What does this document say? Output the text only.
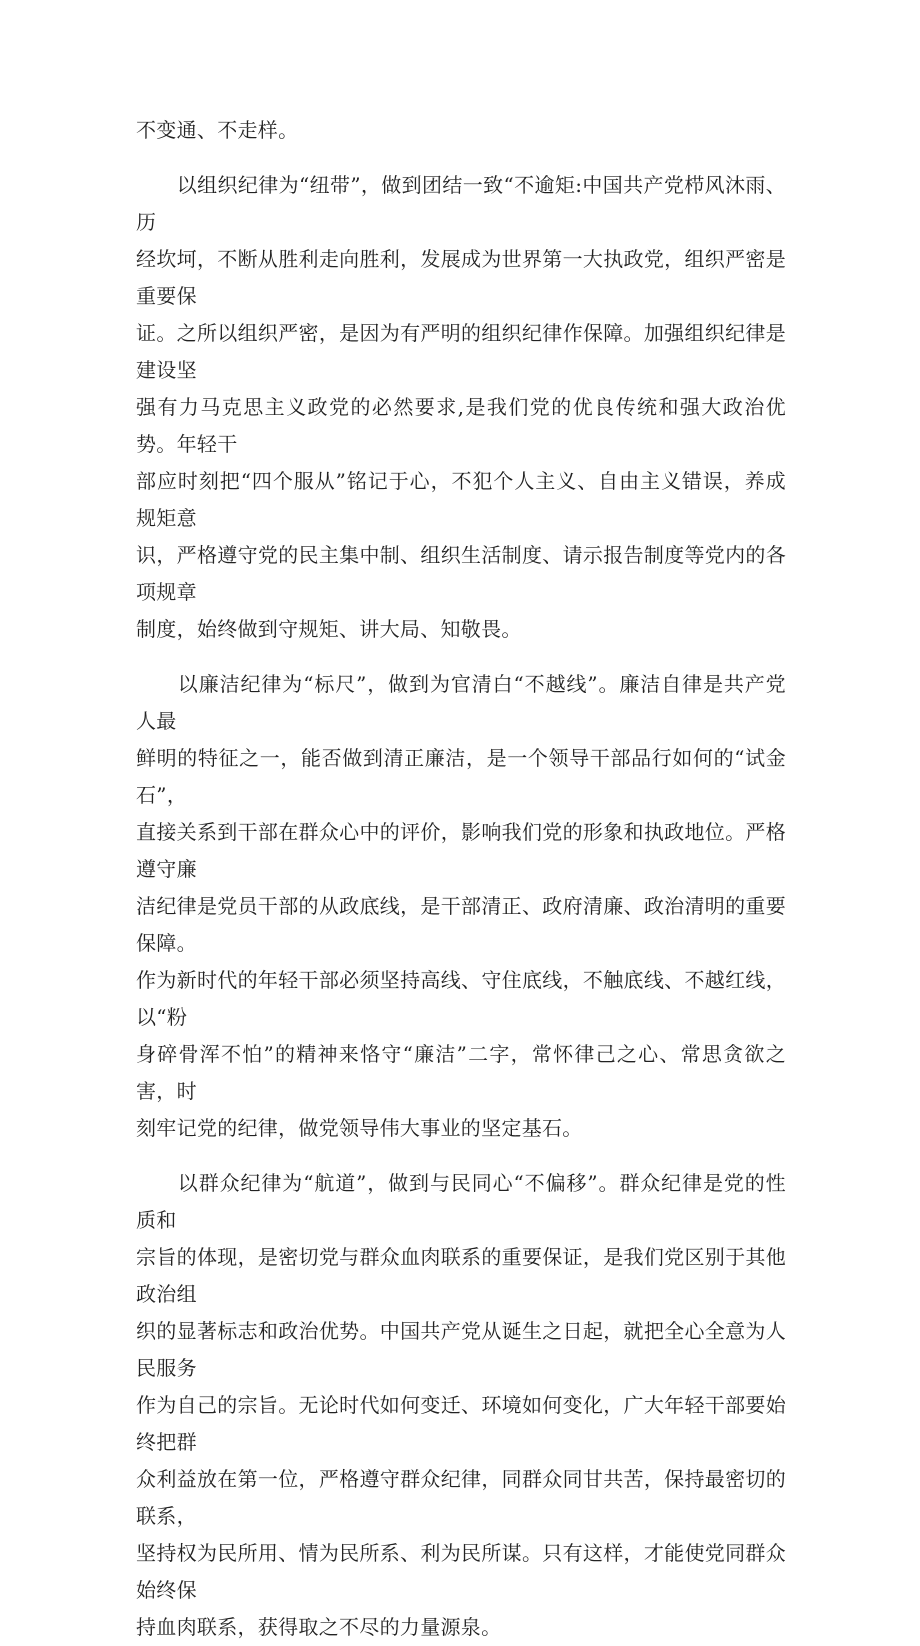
不变通、不走样。

　　以组织纪律为“纽带”，做到团结一致“不逾矩:中国共产党栉风沐雨、历
经坎坷，不断从胜利走向胜利，发展成为世界第一大执政党，组织严密是重要保
证。之所以组织严密，是因为有严明的组织纪律作保障。加强组织纪律是建设坚
强有力马克思主义政党的必然要求,是我们党的优良传统和强大政治优势。年轻干
部应时刻把“四个服从”铭记于心，不犯个人主义、自由主义错误，养成规矩意
识，严格遵守党的民主集中制、组织生活制度、请示报告制度等党内的各项规章
制度，始终做到守规矩、讲大局、知敬畏。

　　以廉洁纪律为“标尺”，做到为官清白“不越线”。廉洁自律是共产党人最
鲜明的特征之一，能否做到清正廉洁，是一个领导干部品行如何的“试金石”，
直接关系到干部在群众心中的评价，影响我们党的形象和执政地位。严格遵守廉
洁纪律是党员干部的从政底线，是干部清正、政府清廉、政治清明的重要保障。
作为新时代的年轻干部必须坚持高线、守住底线，不触底线、不越红线，以“粉
身碎骨浑不怕”的精神来恪守“廉洁”二字，常怀律己之心、常思贪欲之害，时
刻牢记党的纪律，做党领导伟大事业的坚定基石。

　　以群众纪律为“航道”，做到与民同心“不偏移”。群众纪律是党的性质和
宗旨的体现，是密切党与群众血肉联系的重要保证，是我们党区别于其他政治组
织的显著标志和政治优势。中国共产党从诞生之日起，就把全心全意为人民服务
作为自己的宗旨。无论时代如何变迁、环境如何变化，广大年轻干部要始终把群
众利益放在第一位，严格遵守群众纪律，同群众同甘共苦，保持最密切的联系，
坚持权为民所用、情为民所系、利为民所谋。只有这样，才能使党同群众始终保
持血肉联系，获得取之不尽的力量源泉。
